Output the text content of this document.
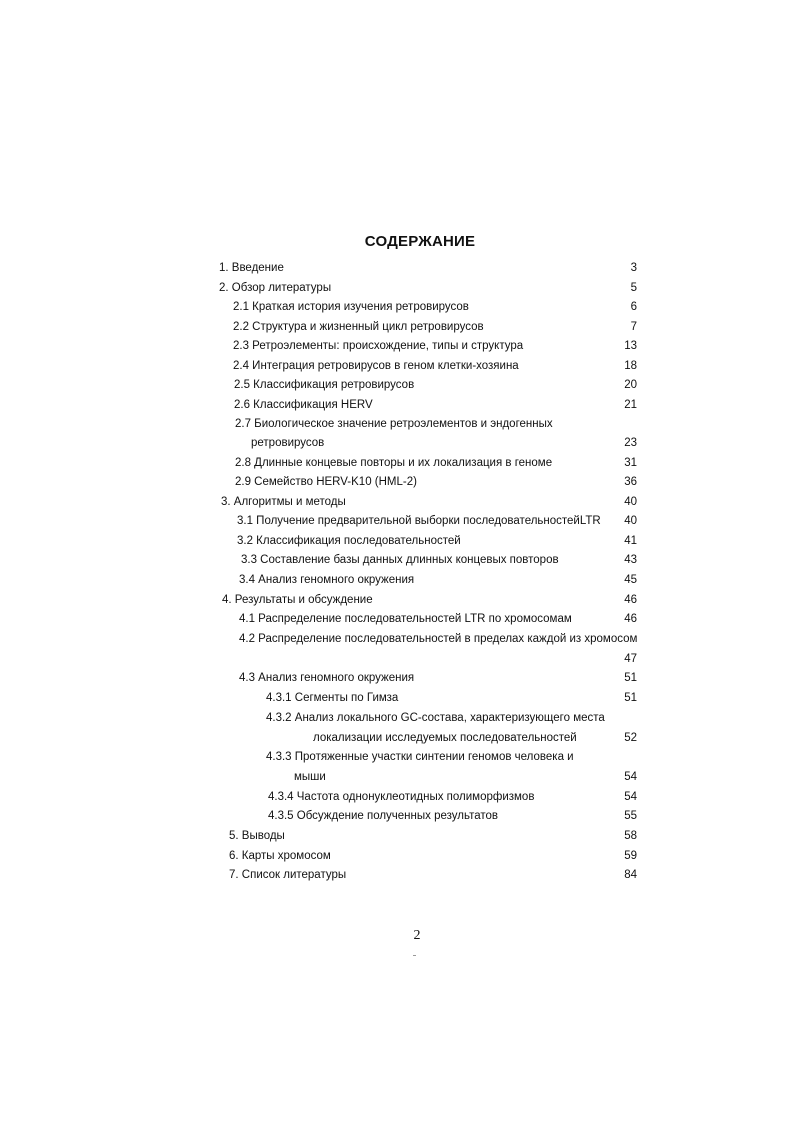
СОДЕРЖАНИЕ
1. Введение	3
2. Обзор литературы	5
2.1 Краткая история изучения ретровирусов	6
2.2 Структура и жизненный цикл ретровирусов	7
2.3 Ретроэлементы: происхождение, типы и структура	13
2.4 Интеграция ретровирусов в геном клетки-хозяина	18
2.5 Классификация ретровирусов	20
2.6 Классификация HERV	21
2.7 Биологическое значение ретроэлементов и эндогенных
ретровирусов	23
2.8 Длинные концевые повторы и их локализация в геноме	31
2.9 Семейство HERV-K10 (HML-2)	36
3. Алгоритмы и методы	40
3.1 Получение предварительной выборки последовательностейLTR	40
3.2 Классификация последовательностей	41
3.3 Составление базы данных длинных концевых повторов	43
3.4 Анализ геномного окружения	45
4. Результаты и обсуждение	46
4.1 Распределение последовательностей LTR по хромосомам	46
4.2 Распределение последовательностей в пределах каждой из хромосом
47
4.3 Анализ геномного окружения	51
4.3.1 Сегменты по Гимза	51
4.3.2 Анализ локального GC-состава, характеризующего места
локализации исследуемых последовательностей	52
4.3.3 Протяженные участки синтении геномов человека и
мыши	54
4.3.4 Частота однонуклеотидных полиморфизмов	54
4.3.5 Обсуждение полученных результатов	55
5. Выводы	58
6. Карты хромосом	59
7. Список литературы	84
2
